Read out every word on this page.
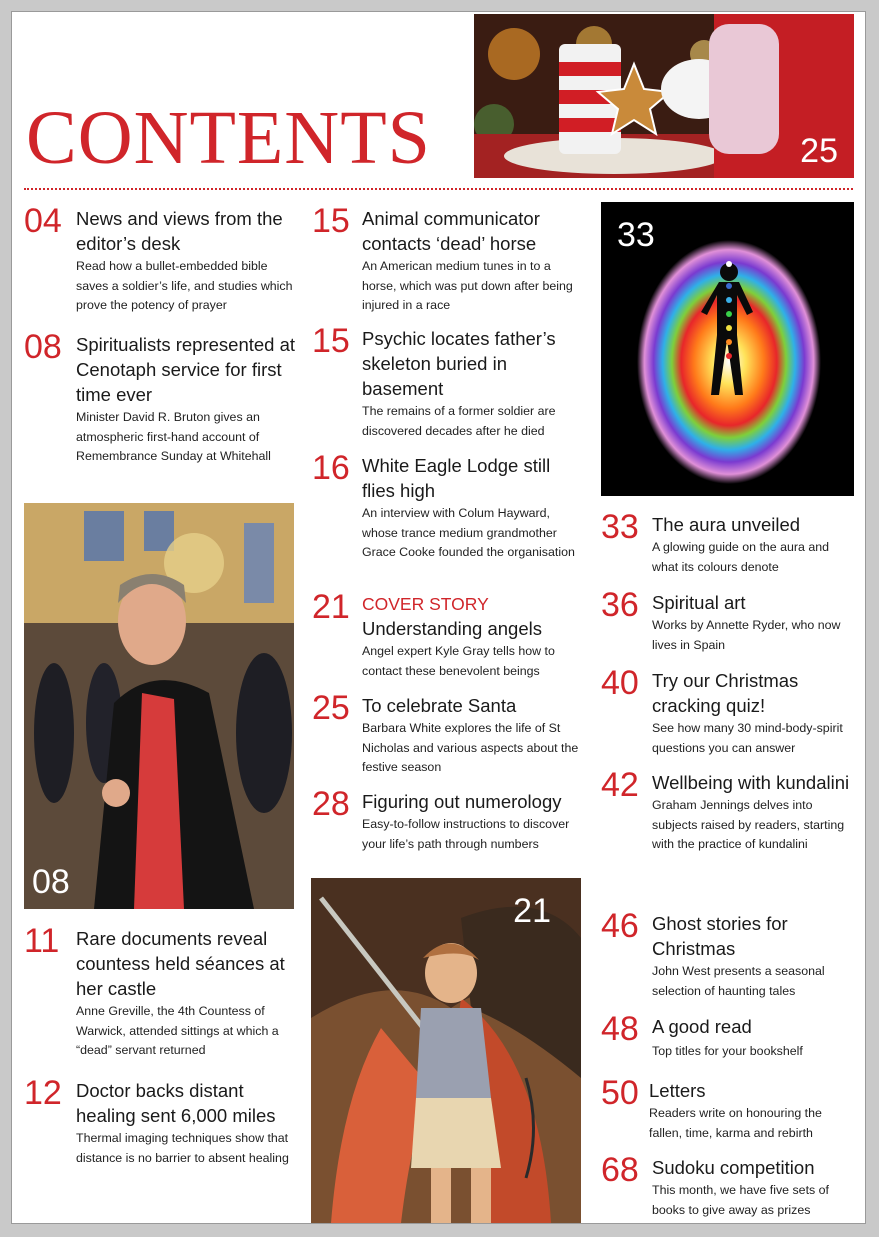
CONTENTS	25
33
08
21
04 News and views from the editor’s desk
Read how a bullet-embedded bible saves a soldier’s life, and studies which prove the potency of prayer
08 Spiritualists represented at Cenotaph service for first time ever
Minister David R. Bruton gives an atmospheric first-hand account of Remembrance Sunday at Whitehall
11 Rare documents reveal countess held séances at her castle
Anne Greville, the 4th Countess of Warwick, attended sittings at which a “dead” servant returned
12 Doctor backs distant healing sent 6,000 miles
Thermal imaging techniques show that distance is no barrier to absent healing
15 Animal communicator contacts ‘dead’ horse
An American medium tunes in to a horse, which was put down after being injured in a race
15 Psychic locates father’s skeleton buried in basement
The remains of a former soldier are discovered decades after he died
16 White Eagle Lodge still flies high
An interview with Colum Hayward, whose trance medium grandmother Grace Cooke founded the organisation
21 COVER STORY
Understanding angels
Angel expert Kyle Gray tells how to contact these benevolent beings
25 To celebrate Santa
Barbara White explores the life of St Nicholas and various aspects about the festive season
28 Figuring out numerology
Easy-to-follow instructions to discover your life’s path through numbers
33 The aura unveiled
A glowing guide on the aura and what its colours denote
36 Spiritual art
Works by Annette Ryder, who now lives in Spain
40 Try our Christmas cracking quiz!
See how many 30 mind-body-spirit questions you can answer
42 Wellbeing with kundalini
Graham Jennings delves into subjects raised by readers, starting with the practice of kundalini
46 Ghost stories for Christmas
John West presents a seasonal selection of haunting tales
48 A good read
Top titles for your bookshelf
50 Letters
Readers write on honouring the fallen, time, karma and rebirth
68 Sudoku competition
This month, we have five sets of books to give away as prizes
